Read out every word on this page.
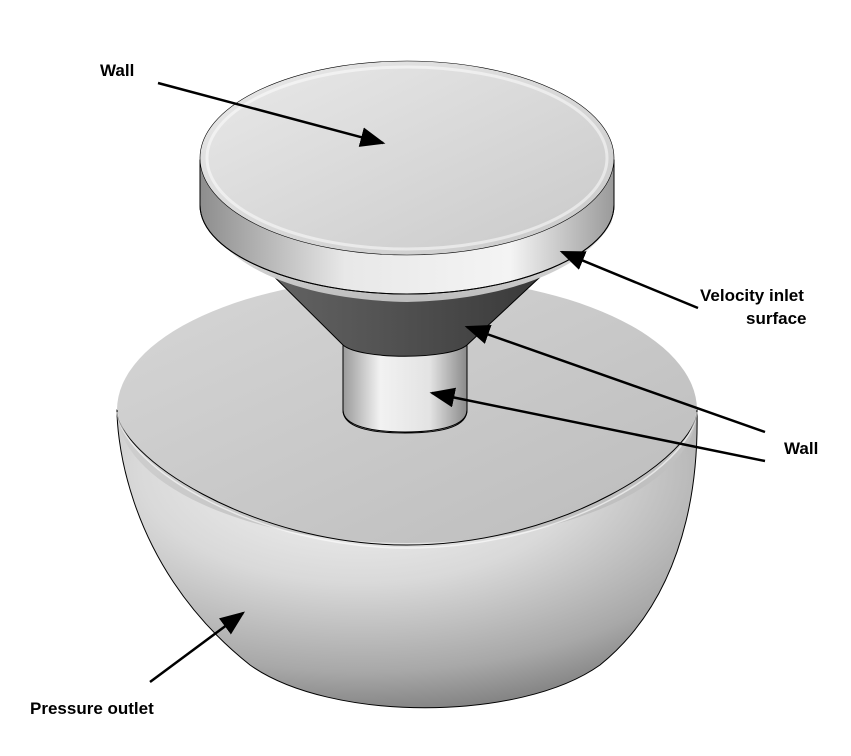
Wall
Velocity inlet
surface
Wall
Pressure outlet
